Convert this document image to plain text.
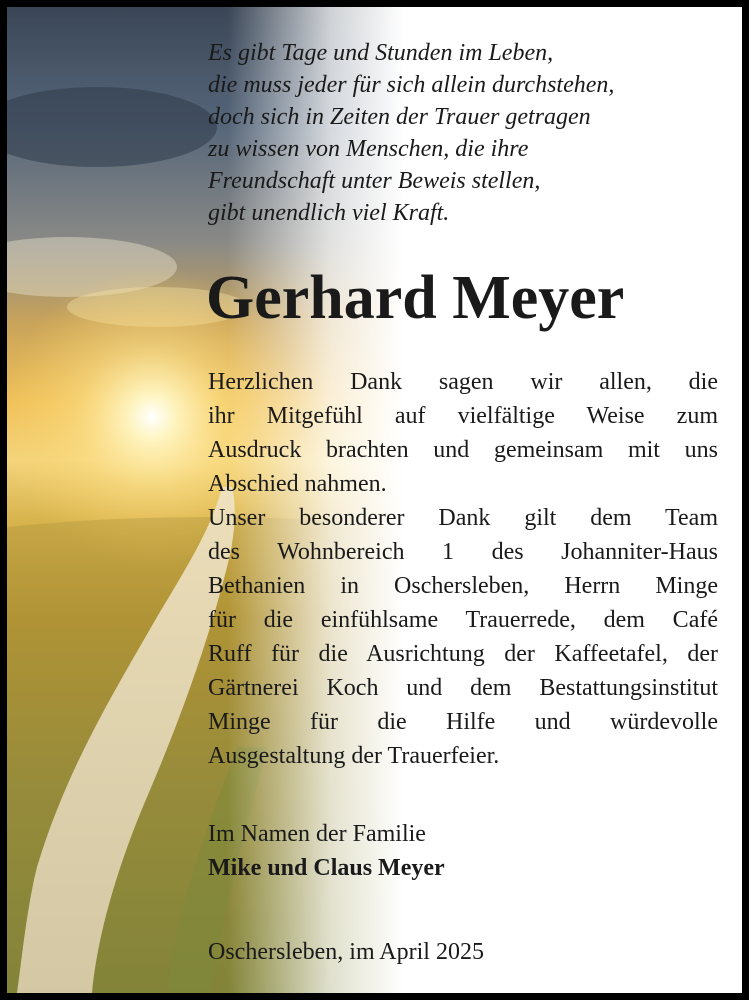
Es gibt Tage und Stunden im Leben,
die muss jeder für sich allein durchstehen,
doch sich in Zeiten der Trauer getragen
zu wissen von Menschen, die ihre
Freundschaft unter Beweis stellen,
gibt unendlich viel Kraft.
Gerhard Meyer
Herzlichen Dank sagen wir allen, die
ihr Mitgefühl auf vielfältige Weise zum
Ausdruck brachten und gemeinsam mit uns
Abschied nahmen.
Unser besonderer Dank gilt dem Team
des Wohnbereich 1 des Johanniter-Haus
Bethanien in Oschersleben, Herrn Minge
für die einfühlsame Trauerrede, dem Café
Ruff für die Ausrichtung der Kaffeetafel, der
Gärtnerei Koch und dem Bestattungsinstitut
Minge für die Hilfe und würdevolle
Ausgestaltung der Trauerfeier.
Im Namen der Familie
Mike und Claus Meyer
Oschersleben, im April 2025
